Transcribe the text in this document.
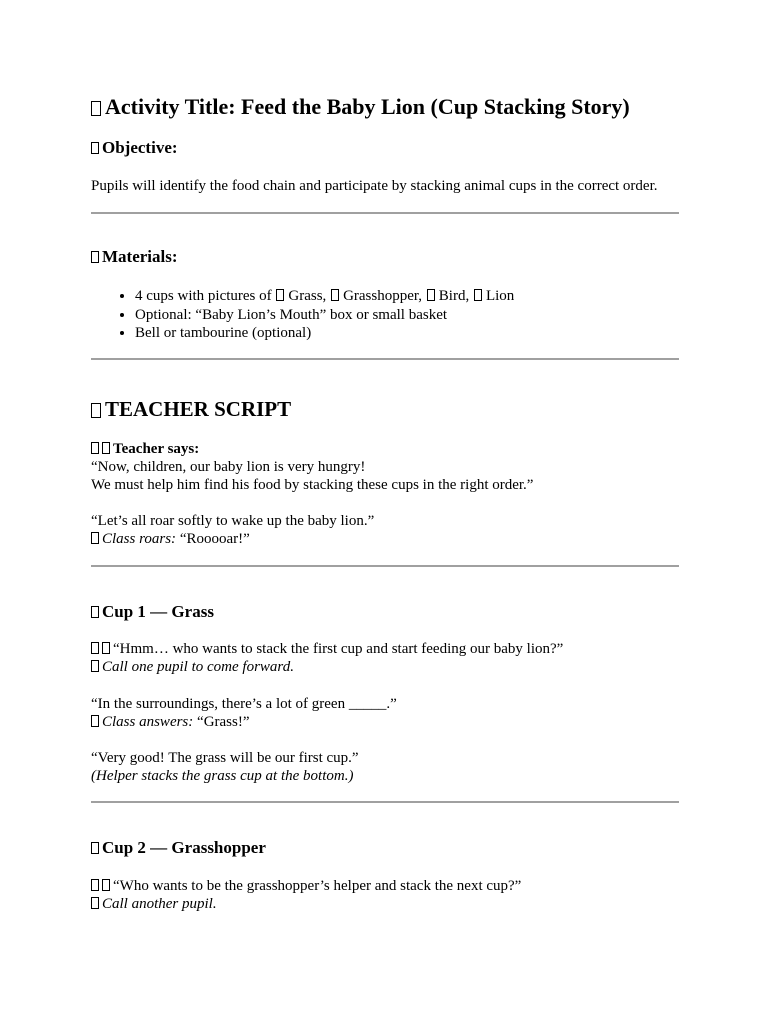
Activity Title: Feed the Baby Lion (Cup Stacking Story)
Objective:

Pupils will identify the food chain and participate by stacking animal cups in the correct order.

Materials:
• 4 cups with pictures of Grass, Grasshopper, Bird, Lion
• Optional: “Baby Lion’s Mouth” box or small basket
• Bell or tambourine (optional)
TEACHER SCRIPT

Teacher says:

“Now, children, our baby lion is very hungry!

We must help him find his food by stacking these cups in the right order.”

“Let’s all roar softly to wake up the baby lion.”

Class roars: “Rooooar!”

Cup 1 — Grass

“Hmm… who wants to stack the first cup and start feeding our baby lion?”

Call one pupil to come forward.

“In the surroundings, there’s a lot of green _____.”

Class answers: “Grass!”

“Very good! The grass will be our first cup.”

(Helper stacks the grass cup at the bottom.)

Cup 2 — Grasshopper

“Who wants to be the grasshopper’s helper and stack the next cup?”

Call another pupil.
